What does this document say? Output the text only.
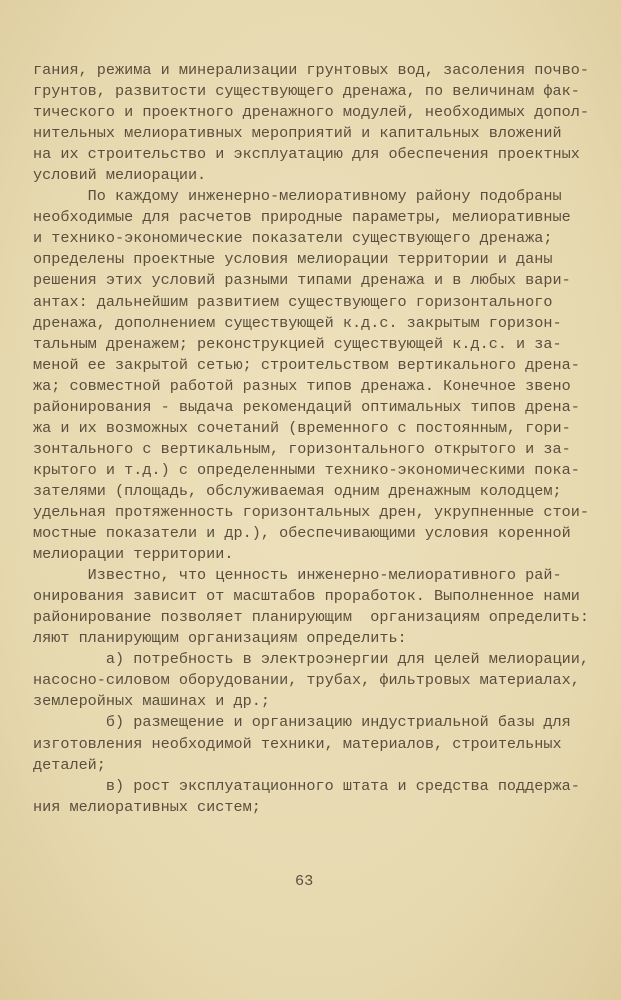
гания, режима и минерализации грунтовых вод, засоления почво-
грунтов, развитости существующего дренажа, по величинам фак-
тического и проектного дренажного модулей, необходимых допол-
нительных мелиоративных мероприятий и капитальных вложений
на их строительство и эксплуатацию для обеспечения проектных
условий мелиорации.
По каждому инженерно-мелиоративному району подобраны
необходимые для расчетов природные параметры, мелиоративные
и технико-экономические показатели существующего дренажа;
определены проектные условия мелиорации территории и даны
решения этих условий разными типами дренажа и в любых вари-
антах: дальнейшим развитием существующего горизонтального
дренажа, дополнением существующей к.д.с. закрытым горизон-
тальным дренажем; реконструкцией существующей к.д.с. и за-
меной ее закрытой сетью; строительством вертикального дрена-
жа; совместной работой разных типов дренажа. Конечное звено
районирования - выдача рекомендаций оптимальных типов дрена-
жа и их возможных сочетаний (временного с постоянным, гори-
зонтального с вертикальным, горизонтального открытого и за-
крытого и т.д.) с определенными технико-экономическими пока-
зателями (площадь, обслуживаемая одним дренажным колодцем;
удельная протяженность горизонтальных дрен, укрупненные стои-
мостные показатели и др.), обеспечивающими условия коренной
мелиорации территории.
Известно, что ценность инженерно-мелиоративного рай-
онирования зависит от масштабов проработок. Выполненное нами
районирование позволяет планирующим  организациям определить:
ляют планирующим организациям определить:
а) потребность в электроэнергии для целей мелиорации,
насосно-силовом оборудовании, трубах, фильтровых материалах,
землеройных машинах и др.;
б) размещение и организацию индустриальной базы для
изготовления необходимой техники, материалов, строительных
деталей;
в) рост эксплуатационного штата и средства поддержа-
ния мелиоративных систем;
63
